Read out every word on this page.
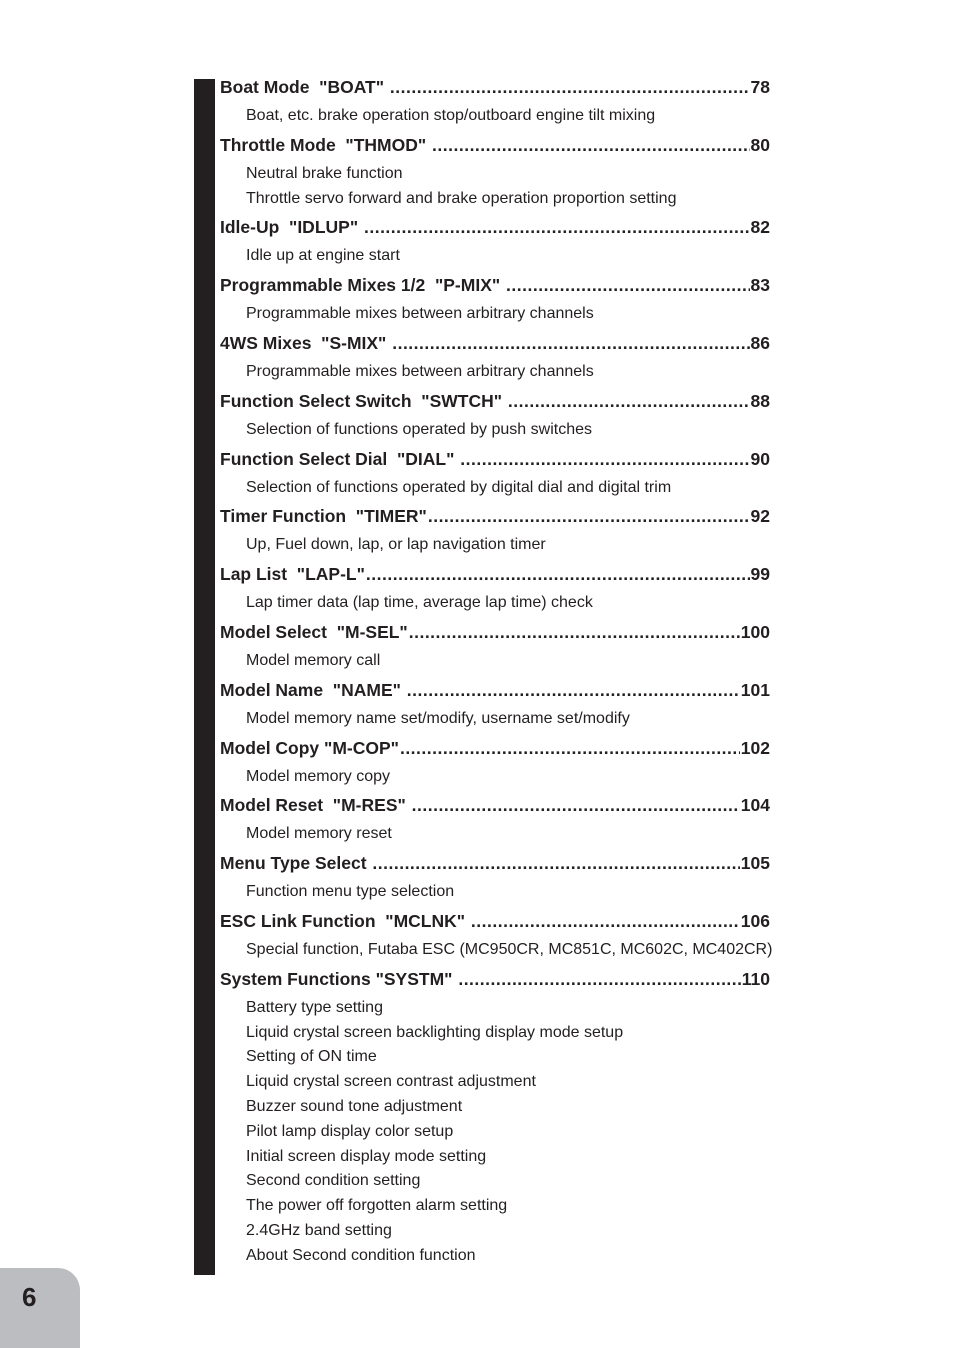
Boat Mode  "BOAT" .....	78

Boat, etc. brake operation stop/outboard engine tilt mixing

Throttle Mode  "THMOD" .....	80

Neutral brake function

Throttle servo forward and brake operation proportion setting

Idle-Up  "IDLUP" .....	82

Idle up at engine start

Programmable Mixes 1/2  "P-MIX" .....	83

Programmable mixes between arbitrary channels

4WS Mixes  "S-MIX" .....	86

Programmable mixes between arbitrary channels

Function Select Switch  "SWTCH" .....	88

Selection of functions operated by push switches

Function Select Dial  "DIAL" .....	90

Selection of functions operated by digital dial and digital trim

Timer Function  "TIMER" .....	92

Up, Fuel down, lap, or lap navigation timer

Lap List  "LAP-L" .....	99

Lap timer data (lap time, average lap time) check

Model Select  "M-SEL" .....	100

Model memory call

Model Name  "NAME" .....	101

Model memory name set/modify, username set/modify

Model Copy "M-COP" .....	102

Model memory copy

Model Reset  "M-RES" .....	104

Model memory reset

Menu Type Select .....	105

Function menu type selection

ESC Link Function  "MCLNK" .....	106

Special function, Futaba ESC (MC950CR, MC851C, MC602C, MC402CR)

System Functions "SYSTM" .....	110

Battery type setting

Liquid crystal screen backlighting display mode setup

Setting of ON time

Liquid crystal screen contrast adjustment

Buzzer sound tone adjustment

Pilot lamp display color setup

Initial screen display mode setting

Second condition setting

The power off forgotten alarm setting

2.4GHz band setting

About Second condition function

6
